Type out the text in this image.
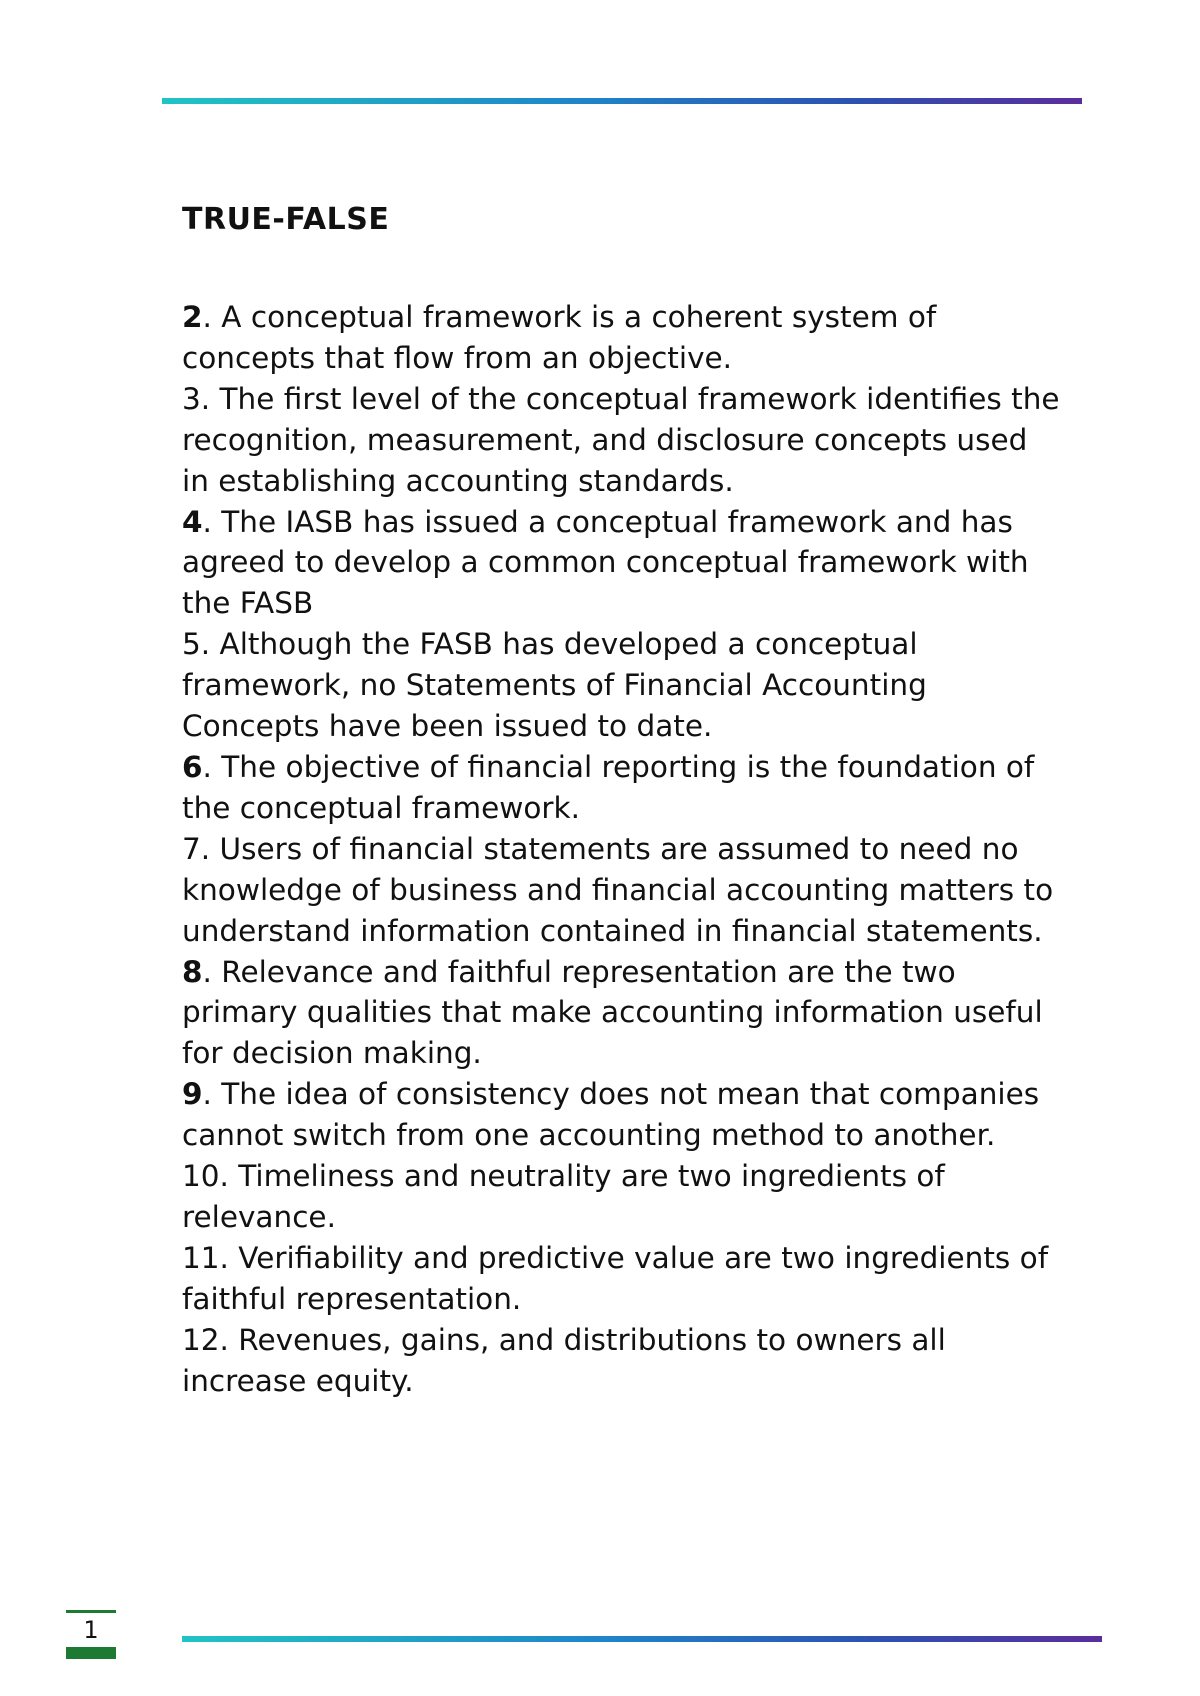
TRUE-FALSE

2. A conceptual framework is a coherent system of concepts that flow from an objective.

3. The first level of the conceptual framework identifies the recognition, measurement, and disclosure concepts used in establishing accounting standards.

4. The IASB has issued a conceptual framework and has agreed to develop a common conceptual framework with the FASB

5. Although the FASB has developed a conceptual framework, no Statements of Financial Accounting Concepts have been issued to date.

6. The objective of financial reporting is the foundation of the conceptual framework.

7. Users of financial statements are assumed to need no knowledge of business and financial accounting matters to understand information contained in financial statements.

8. Relevance and faithful representation are the two primary qualities that make accounting information useful for decision making.

9. The idea of consistency does not mean that companies cannot switch from one accounting method to another.

10. Timeliness and neutrality are two ingredients of relevance.

11. Verifiability and predictive value are two ingredients of faithful representation.

12. Revenues, gains, and distributions to owners all increase equity.

1
